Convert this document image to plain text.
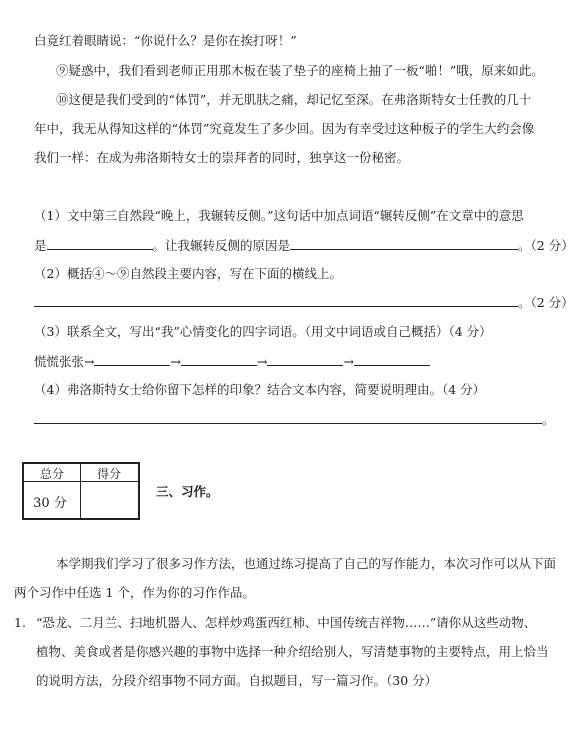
白竟红着眼睛说：“你说什么？是你在挨打呀！”
⑨疑惑中，我们看到老师正用那木板在装了垫子的座椅上抽了一板“啪！”哦，原来如此。
⑩这便是我们受到的“体罚”，并无肌肤之痛，却记忆至深。在弗洛斯特女士任教的几十
年中，我无从得知这样的“体罚”究竟发生了多少回。因为有幸受过这种板子的学生大约会像
我们一样：在成为弗洛斯特女士的崇拜者的同时，独享这一份秘密。
（1）文中第三自然段“晚上，我辗转反侧。”这句话中加点词语“辗转反侧”在文章中的意思
是	。让我辗转反侧的原因是	。（2 分）
（2）概括④～⑨自然段主要内容，写在下面的横线上。
。（2 分）
（3）联系全文，写出“我”心情变化的四字词语。（用文中词语或自己概括）（4 分）
慌慌张张→	→	→	→
（4）弗洛斯特女士给你留下怎样的印象？结合文本内容，简要说明理由。（4 分）
。
总分	得分
30 分
三、习作。
本学期我们学习了很多习作方法，也通过练习提高了自己的写作能力，本次习作可以从下面
两个习作中任选 1 个，作为你的习作作品。
1. “恐龙、二月兰、扫地机器人、怎样炒鸡蛋西红柿、中国传统吉祥物……”请你从这些动物、
植物、美食或者是你感兴趣的事物中选择一种介绍给别人，写清楚事物的主要特点，用上恰当
的说明方法，分段介绍事物不同方面。自拟题目，写一篇习作。（30 分）
